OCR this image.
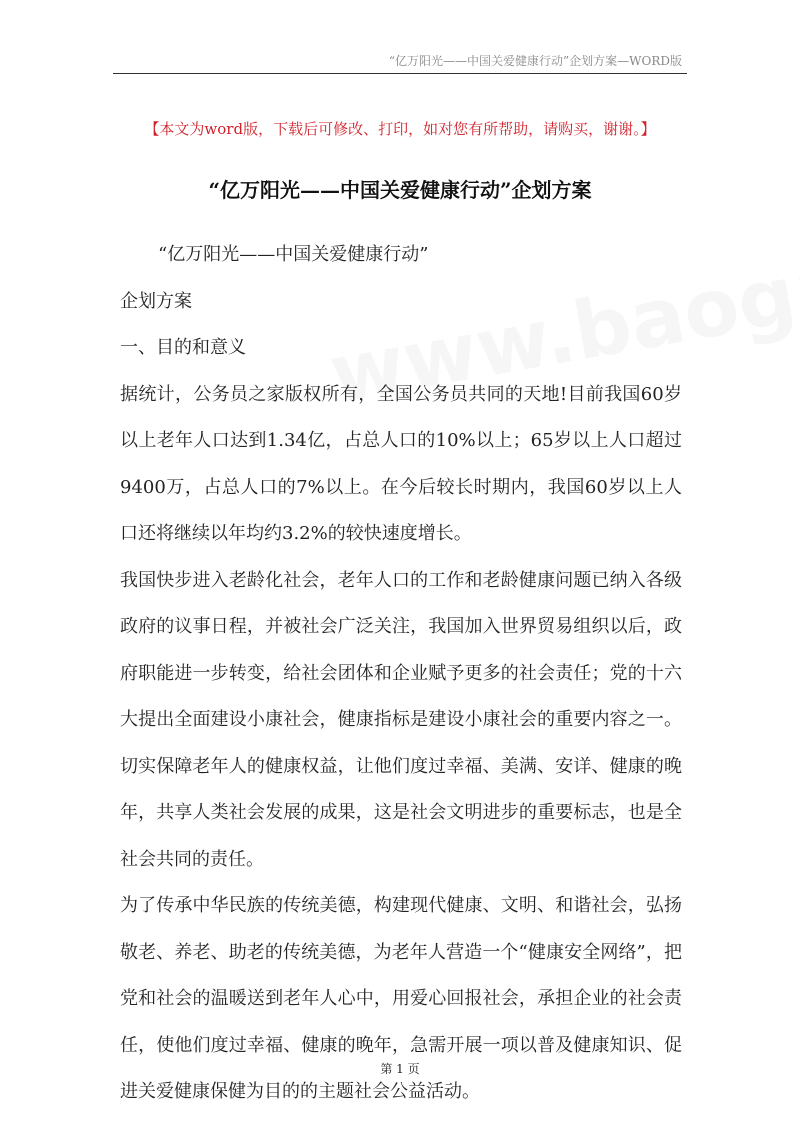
“亿万阳光——中国关爱健康行动”企划方案—WORD版
【本文为word版，下载后可修改、打印，如对您有所帮助，请购买，谢谢。】
“亿万阳光——中国关爱健康行动”企划方案

“亿万阳光——中国关爱健康行动”

企划方案

一、目的和意义

据统计，公务员之家版权所有，全国公务员共同的天地!目前我国60岁以上老年人口达到1.34亿，占总人口的10%以上；65岁以上人口超过9400万，占总人口的7%以上。在今后较长时期内，我国60岁以上人口还将继续以年均约3.2%的较快速度增长。

我国快步进入老龄化社会，老年人口的工作和老龄健康问题已纳入各级政府的议事日程，并被社会广泛关注，我国加入世界贸易组织以后，政府职能进一步转变，给社会团体和企业赋予更多的社会责任；党的十六大提出全面建设小康社会，健康指标是建设小康社会的重要内容之一。切实保障老年人的健康权益，让他们度过幸福、美满、安详、健康的晚年，共享人类社会发展的成果，这是社会文明进步的重要标志，也是全社会共同的责任。

为了传承中华民族的传统美德，构建现代健康、文明、和谐社会，弘扬敬老、养老、助老的传统美德，为老年人营造一个“健康安全网络”，把党和社会的温暖送到老年人心中，用爱心回报社会，承担企业的社会责任，使他们度过幸福、健康的晚年，急需开展一项以普及健康知识、促进关爱健康保健为目的的主题社会公益活动。

第 1 页
